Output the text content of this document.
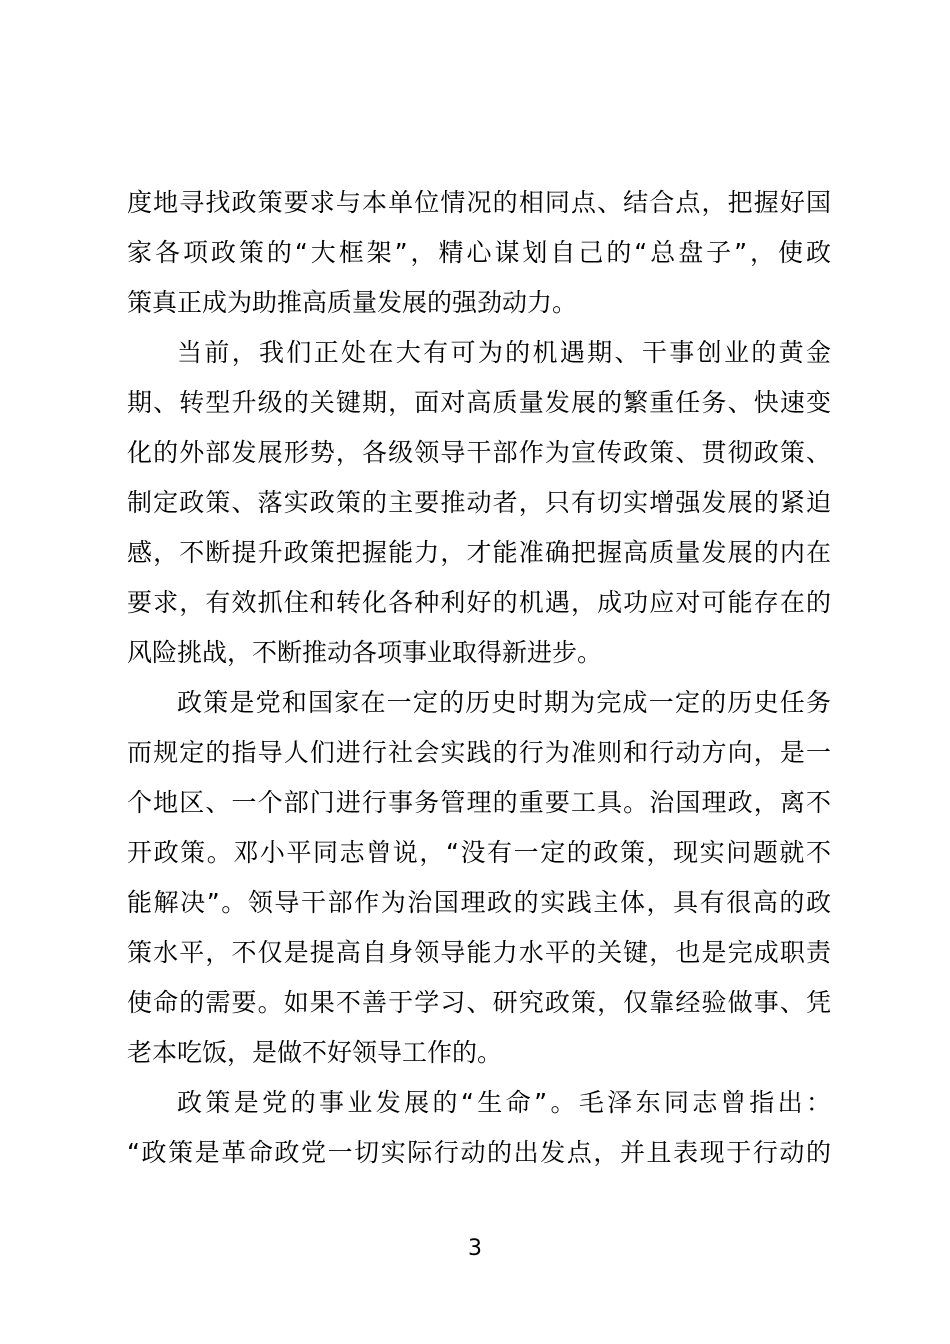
度地寻找政策要求与本单位情况的相同点、结合点，把握好国
家各项政策的“大框架”，精心谋划自己的“总盘子”，使政
策真正成为助推高质量发展的强劲动力。
当前，我们正处在大有可为的机遇期、干事创业的黄金
期、转型升级的关键期，面对高质量发展的繁重任务、快速变
化的外部发展形势，各级领导干部作为宣传政策、贯彻政策、
制定政策、落实政策的主要推动者，只有切实增强发展的紧迫
感，不断提升政策把握能力，才能准确把握高质量发展的内在
要求，有效抓住和转化各种利好的机遇，成功应对可能存在的
风险挑战，不断推动各项事业取得新进步。
政策是党和国家在一定的历史时期为完成一定的历史任务
而规定的指导人们进行社会实践的行为准则和行动方向，是一
个地区、一个部门进行事务管理的重要工具。治国理政，离不
开政策。邓小平同志曾说，“没有一定的政策，现实问题就不
能解决”。领导干部作为治国理政的实践主体，具有很高的政
策水平，不仅是提高自身领导能力水平的关键，也是完成职责
使命的需要。如果不善于学习、研究政策，仅靠经验做事、凭
老本吃饭，是做不好领导工作的。
政策是党的事业发展的“生命”。毛泽东同志曾指出：
“政策是革命政党一切实际行动的出发点，并且表现于行动的
3
